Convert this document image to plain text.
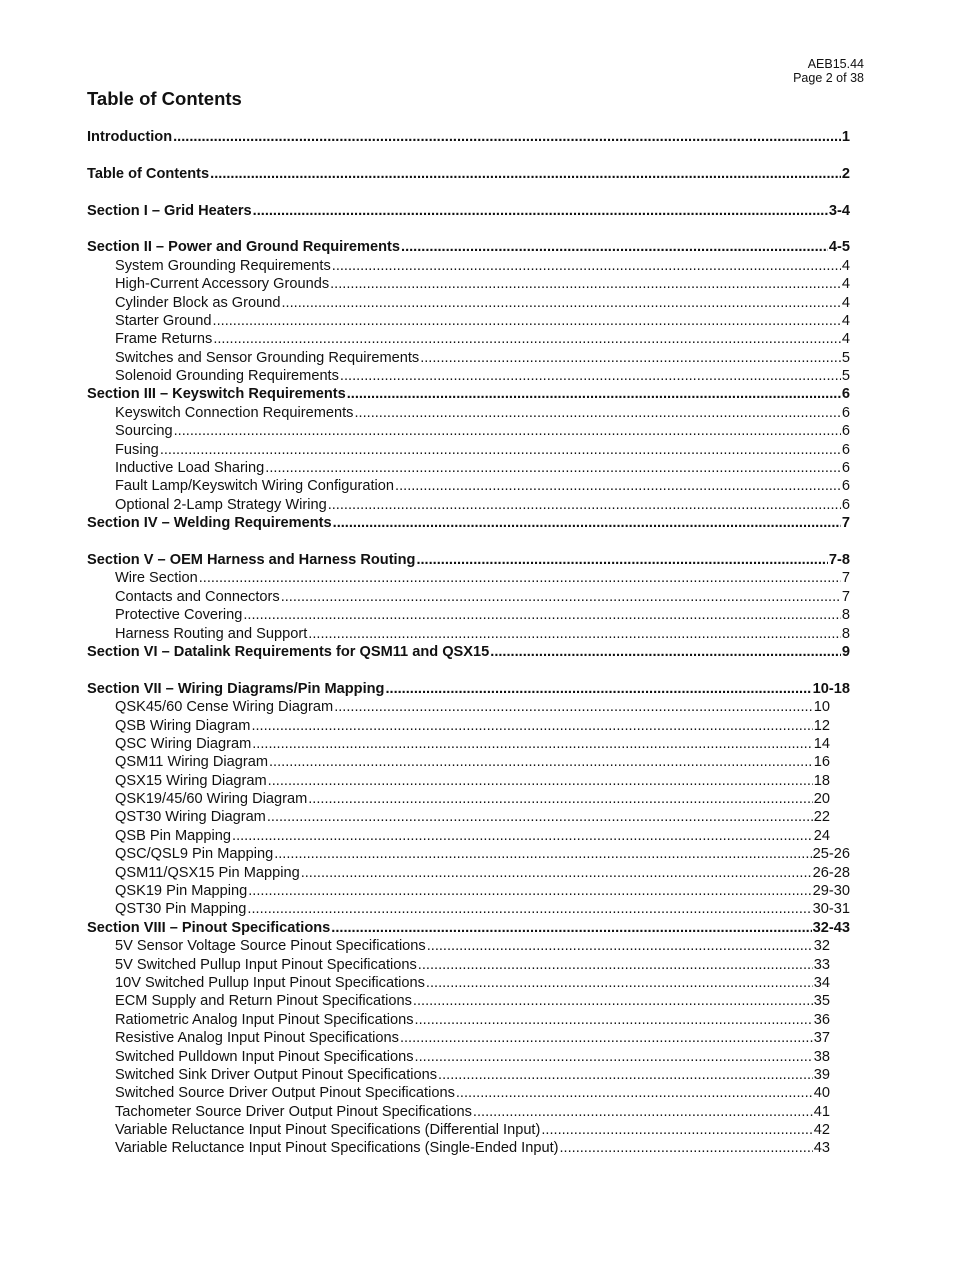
AEB15.44
Page 2 of 38
Table of Contents
Introduction .....	1
Table of Contents .....	2
Section I – Grid Heaters .....	3-4
Section II – Power and Ground Requirements .....	4-5
System Grounding Requirements .....	4
High-Current Accessory Grounds .....	4
Cylinder Block as Ground .....	4
Starter Ground .....	4
Frame Returns .....	4
Switches and Sensor Grounding Requirements .....	5
Solenoid Grounding Requirements .....	5
Section III – Keyswitch Requirements .....	6
Keyswitch Connection Requirements .....	6
Sourcing .....	6
Fusing .....	6
Inductive Load Sharing .....	6
Fault Lamp/Keyswitch Wiring Configuration .....	6
Optional 2-Lamp Strategy Wiring .....	6
Section IV – Welding Requirements .....	7
Section V – OEM Harness and Harness Routing .....	7-8
Wire Section .....	7
Contacts and Connectors .....	7
Protective Covering .....	8
Harness Routing and Support .....	8
Section VI – Datalink Requirements for QSM11 and QSX15 .....	9
Section VII – Wiring Diagrams/Pin Mapping .....	10-18
QSK45/60 Cense Wiring Diagram .....	10
QSB Wiring Diagram .....	12
QSC Wiring Diagram .....	14
QSM11 Wiring Diagram .....	16
QSX15 Wiring Diagram .....	18
QSK19/45/60 Wiring Diagram .....	20
QST30 Wiring Diagram .....	22
QSB Pin Mapping .....	24
QSC/QSL9 Pin Mapping .....	25-26
QSM11/QSX15 Pin Mapping .....	26-28
QSK19 Pin Mapping .....	29-30
QST30 Pin Mapping .....	30-31
Section VIII – Pinout Specifications .....	32-43
5V Sensor Voltage Source Pinout Specifications .....	32
5V Switched Pullup Input Pinout Specifications .....	33
10V Switched Pullup Input Pinout Specifications .....	34
ECM Supply and Return Pinout Specifications .....	35
Ratiometric Analog Input Pinout Specifications .....	36
Resistive Analog Input Pinout Specifications .....	37
Switched Pulldown Input Pinout Specifications .....	38
Switched Sink Driver Output Pinout Specifications .....	39
Switched Source Driver Output Pinout Specifications .....	40
Tachometer Source Driver Output Pinout Specifications .....	41
Variable Reluctance Input Pinout Specifications (Differential Input) .....	42
Variable Reluctance Input Pinout Specifications (Single-Ended Input) .....	43
